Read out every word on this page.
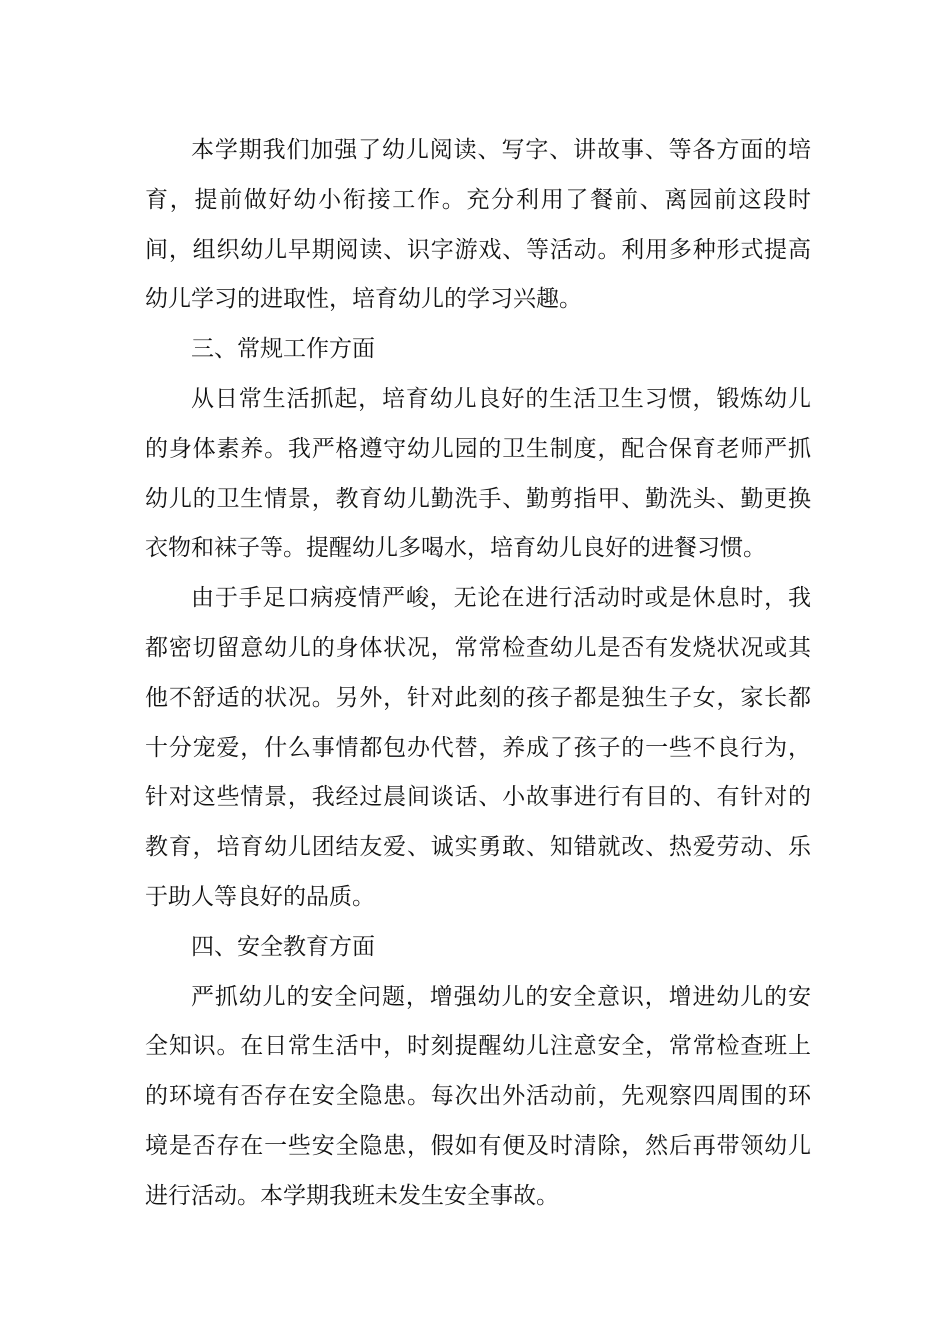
本学期我们加强了幼儿阅读、写字、讲故事、等各方面的培育，提前做好幼小衔接工作。充分利用了餐前、离园前这段时间，组织幼儿早期阅读、识字游戏、等活动。利用多种形式提高幼儿学习的进取性，培育幼儿的学习兴趣。

三、常规工作方面

从日常生活抓起，培育幼儿良好的生活卫生习惯，锻炼幼儿的身体素养。我严格遵守幼儿园的卫生制度，配合保育老师严抓幼儿的卫生情景，教育幼儿勤洗手、勤剪指甲、勤洗头、勤更换衣物和袜子等。提醒幼儿多喝水，培育幼儿良好的进餐习惯。

由于手足口病疫情严峻，无论在进行活动时或是休息时，我都密切留意幼儿的身体状况，常常检查幼儿是否有发烧状况或其他不舒适的状况。另外，针对此刻的孩子都是独生子女，家长都十分宠爱，什么事情都包办代替，养成了孩子的一些不良行为，针对这些情景，我经过晨间谈话、小故事进行有目的、有针对的教育，培育幼儿团结友爱、诚实勇敢、知错就改、热爱劳动、乐于助人等良好的品质。

四、安全教育方面

严抓幼儿的安全问题，增强幼儿的安全意识，增进幼儿的安全知识。在日常生活中，时刻提醒幼儿注意安全，常常检查班上的环境有否存在安全隐患。每次出外活动前，先观察四周围的环境是否存在一些安全隐患，假如有便及时清除，然后再带领幼儿进行活动。本学期我班未发生安全事故。
